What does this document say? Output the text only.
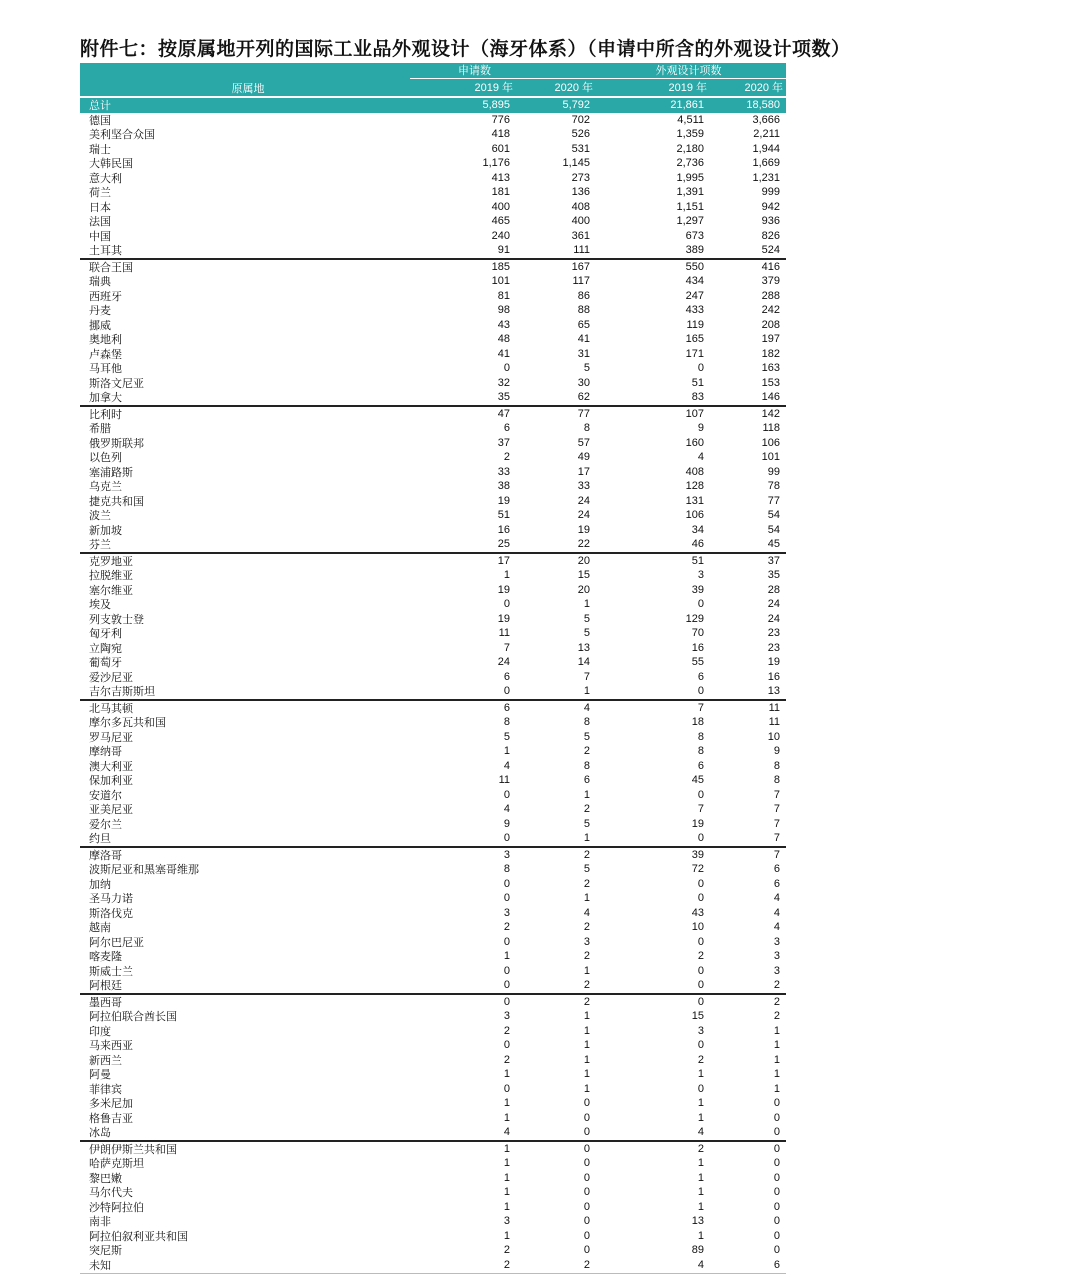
附件七：按原属地开列的国际工业品外观设计（海牙体系）（申请中所含的外观设计项数）
原属地	申请数		外观设计项数	
	2019 年	2020 年	2019 年	2020 年
总计	5,895	5,792	21,861	18,580
德国	776	702	4,511	3,666
美利坚合众国	418	526	1,359	2,211
瑞士	601	531	2,180	1,944
大韩民国	1,176	1,145	2,736	1,669
意大利	413	273	1,995	1,231
荷兰	181	136	1,391	999
日本	400	408	1,151	942
法国	465	400	1,297	936
中国	240	361	673	826
土耳其	91	111	389	524
联合王国	185	167	550	416
瑞典	101	117	434	379
西班牙	81	86	247	288
丹麦	98	88	433	242
挪威	43	65	119	208
奥地利	48	41	165	197
卢森堡	41	31	171	182
马耳他	0	5	0	163
斯洛文尼亚	32	30	51	153
加拿大	35	62	83	146
比利时	47	77	107	142
希腊	6	8	9	118
俄罗斯联邦	37	57	160	106
以色列	2	49	4	101
塞浦路斯	33	17	408	99
乌克兰	38	33	128	78
捷克共和国	19	24	131	77
波兰	51	24	106	54
新加坡	16	19	34	54
芬兰	25	22	46	45
克罗地亚	17	20	51	37
拉脱维亚	1	15	3	35
塞尔维亚	19	20	39	28
埃及	0	1	0	24
列支敦士登	19	5	129	24
匈牙利	11	5	70	23
立陶宛	7	13	16	23
葡萄牙	24	14	55	19
爱沙尼亚	6	7	6	16
吉尔吉斯斯坦	0	1	0	13
北马其顿	6	4	7	11
摩尔多瓦共和国	8	8	18	11
罗马尼亚	5	5	8	10
摩纳哥	1	2	8	9
澳大利亚	4	8	6	8
保加利亚	11	6	45	8
安道尔	0	1	0	7
亚美尼亚	4	2	7	7
爱尔兰	9	5	19	7
约旦	0	1	0	7
摩洛哥	3	2	39	7
波斯尼亚和黑塞哥维那	8	5	72	6
加纳	0	2	0	6
圣马力诺	0	1	0	4
斯洛伐克	3	4	43	4
越南	2	2	10	4
阿尔巴尼亚	0	3	0	3
喀麦隆	1	2	2	3
斯威士兰	0	1	0	3
阿根廷	0	2	0	2
墨西哥	0	2	0	2
阿拉伯联合酋长国	3	1	15	2
印度	2	1	3	1
马来西亚	0	1	0	1
新西兰	2	1	2	1
阿曼	1	1	1	1
菲律宾	0	1	0	1
多米尼加	1	0	1	0
格鲁吉亚	1	0	1	0
冰岛	4	0	4	0
伊朗伊斯兰共和国	1	0	2	0
哈萨克斯坦	1	0	1	0
黎巴嫩	1	0	1	0
马尔代夫	1	0	1	0
沙特阿拉伯	1	0	1	0
南非	3	0	13	0
阿拉伯叙利亚共和国	1	0	1	0
突尼斯	2	0	89	0
未知	2	2	4	6
